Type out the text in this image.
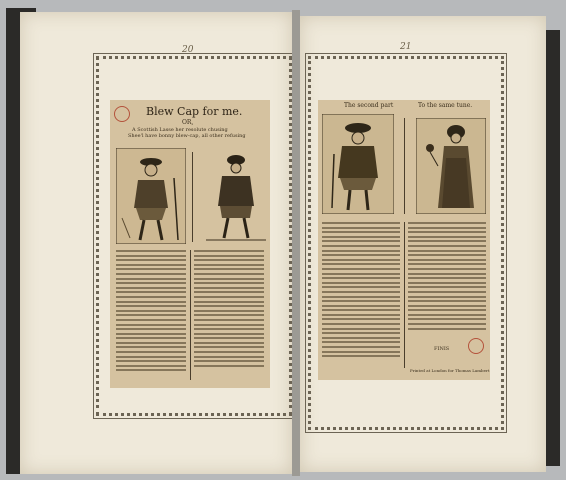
20
Blew Cap for me.
OR,
A Scottish Lasse her resolute chusing
Shee'l have bonny blew-cap, all other refusing
21
The second part	To the same tune.
FINIS
Printed at London for Thomas Lambert
